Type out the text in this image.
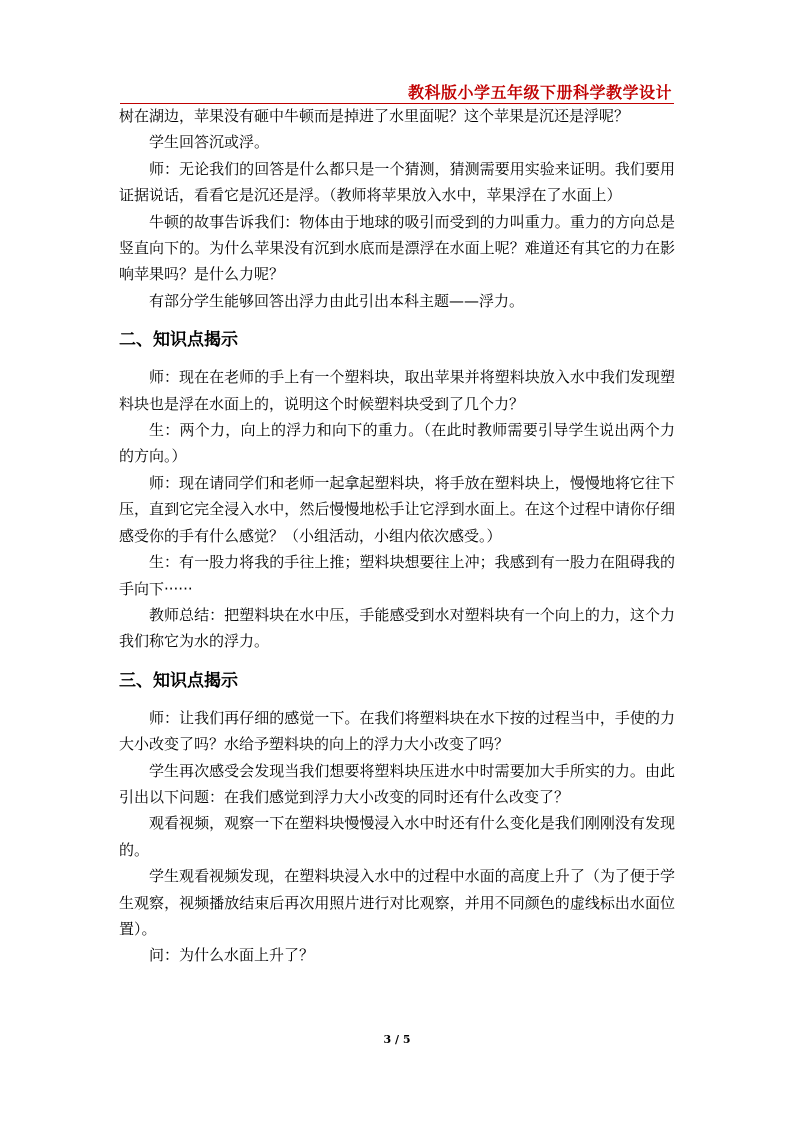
教科版小学五年级下册科学教学设计

树在湖边，苹果没有砸中牛顿而是掉进了水里面呢？这个苹果是沉还是浮呢？

学生回答沉或浮。

师：无论我们的回答是什么都只是一个猜测，猜测需要用实验来证明。我们要用证据说话，看看它是沉还是浮。（教师将苹果放入水中，苹果浮在了水面上）

牛顿的故事告诉我们：物体由于地球的吸引而受到的力叫重力。重力的方向总是竖直向下的。为什么苹果没有沉到水底而是漂浮在水面上呢？难道还有其它的力在影响苹果吗？是什么力呢？

有部分学生能够回答出浮力由此引出本科主题——浮力。

二、知识点揭示

师：现在在老师的手上有一个塑料块，取出苹果并将塑料块放入水中我们发现塑料块也是浮在水面上的，说明这个时候塑料块受到了几个力？

生：两个力，向上的浮力和向下的重力。（在此时教师需要引导学生说出两个力的方向。）

师：现在请同学们和老师一起拿起塑料块，将手放在塑料块上，慢慢地将它往下压，直到它完全浸入水中，然后慢慢地松手让它浮到水面上。在这个过程中请你仔细感受你的手有什么感觉？（小组活动，小组内依次感受。）

生：有一股力将我的手往上推；塑料块想要往上冲；我感到有一股力在阻碍我的手向下······

教师总结：把塑料块在水中压，手能感受到水对塑料块有一个向上的力，这个力我们称它为水的浮力。

三、知识点揭示

师：让我们再仔细的感觉一下。在我们将塑料块在水下按的过程当中，手使的力大小改变了吗？水给予塑料块的向上的浮力大小改变了吗？

学生再次感受会发现当我们想要将塑料块压进水中时需要加大手所实的力。由此引出以下问题：在我们感觉到浮力大小改变的同时还有什么改变了？

观看视频，观察一下在塑料块慢慢浸入水中时还有什么变化是我们刚刚没有发现的。

学生观看视频发现，在塑料块浸入水中的过程中水面的高度上升了（为了便于学生观察，视频播放结束后再次用照片进行对比观察，并用不同颜色的虚线标出水面位置）。

问：为什么水面上升了？

3 / 5
